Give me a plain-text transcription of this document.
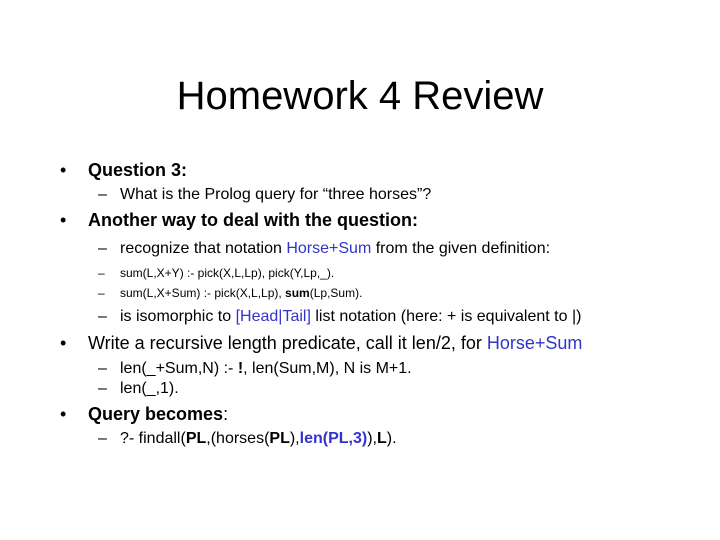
Homework 4 Review
• Question 3:
– What is the Prolog query for “three horses”?
• Another way to deal with the question:
– recognize that notation Horse+Sum from the given definition:
– sum(L,X+Y) :- pick(X,L,Lp), pick(Y,Lp,_).
– sum(L,X+Sum) :- pick(X,L,Lp), sum(Lp,Sum).
– is isomorphic to [Head|Tail] list notation (here: + is equivalent to |)
• Write a recursive length predicate, call it len/2, for Horse+Sum
– len(_+Sum,N) :- !, len(Sum,M), N is M+1.
– len(_,1).
• Query becomes:
– ?- findall(PL,(horses(PL),len(PL,3)),L).
